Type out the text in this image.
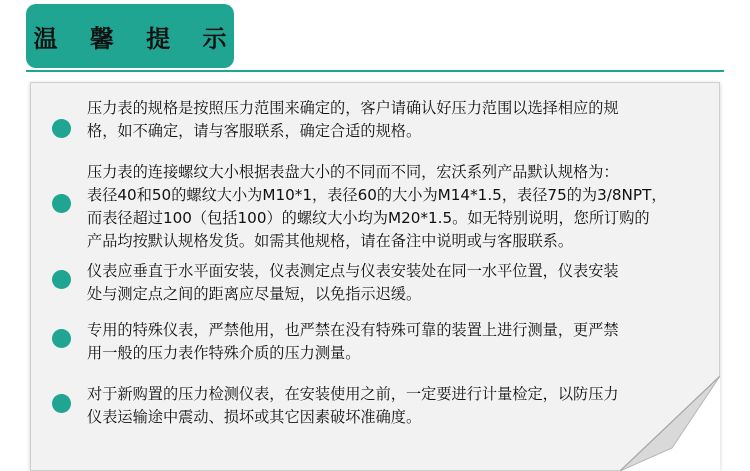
温 馨 提 示
压力表的规格是按照压力范围来确定的，客户请确认好压力范围以选择相应的规
格，如不确定，请与客服联系，确定合适的规格。
压力表的连接螺纹大小根据表盘大小的不同而不同，宏沃系列产品默认规格为：
表径40和50的螺纹大小为M10*1，表径60的大小为M14*1.5，表径75的为3/8NPT，
而表径超过100（包括100）的螺纹大小均为M20*1.5。如无特别说明，您所订购的
产品均按默认规格发货。如需其他规格，请在备注中说明或与客服联系。
仪表应垂直于水平面安装，仪表测定点与仪表安装处在同一水平位置，仪表安装
处与测定点之间的距离应尽量短，以免指示迟缓。
专用的特殊仪表，严禁他用，也严禁在没有特殊可靠的装置上进行测量，更严禁
用一般的压力表作特殊介质的压力测量。
对于新购置的压力检测仪表，在安装使用之前，一定要进行计量检定，以防压力
仪表运输途中震动、损坏或其它因素破坏准确度。
